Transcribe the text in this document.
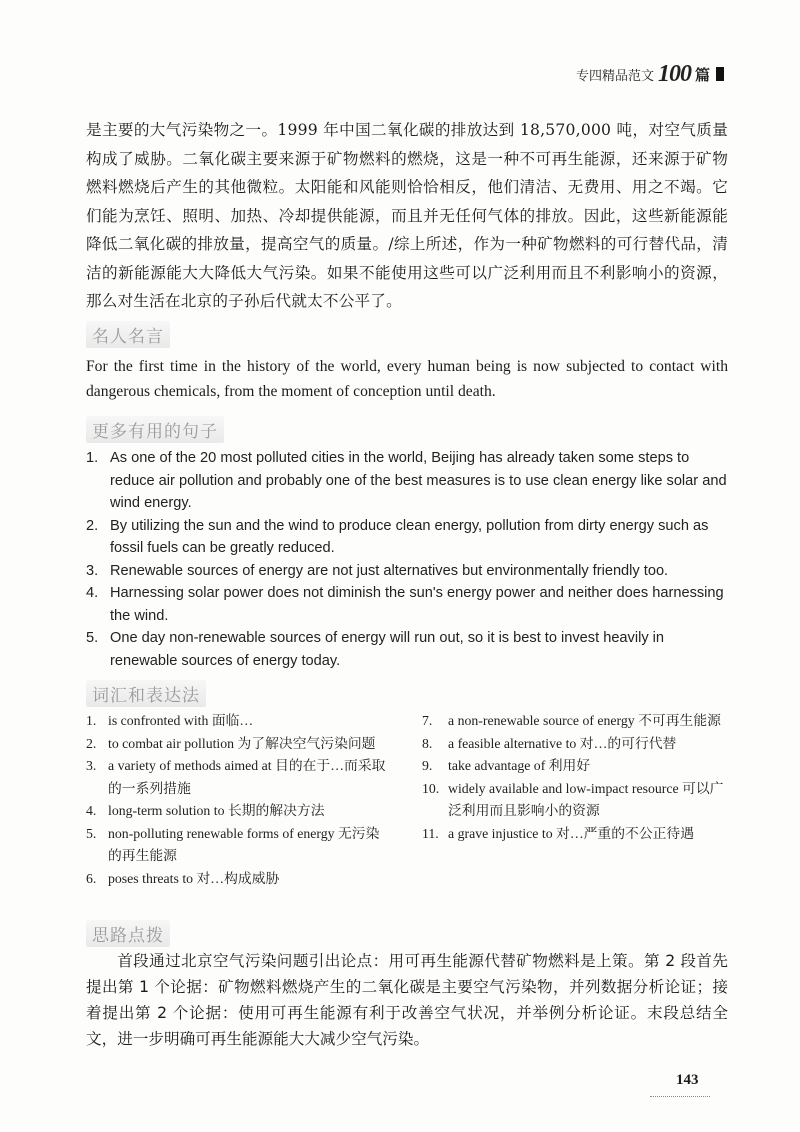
专四精品范文 100 篇

是主要的大气污染物之一。1999 年中国二氧化碳的排放达到 18,570,000 吨，对空气质量构成了威胁。二氧化碳主要来源于矿物燃料的燃烧，这是一种不可再生能源，还来源于矿物燃料燃烧后产生的其他微粒。太阳能和风能则恰恰相反，他们清洁、无费用、用之不竭。它们能为烹饪、照明、加热、冷却提供能源，而且并无任何气体的排放。因此，这些新能源能降低二氧化碳的排放量，提高空气的质量。/综上所述，作为一种矿物燃料的可行替代品，清洁的新能源能大大降低大气污染。如果不能使用这些可以广泛利用而且不利影响小的资源，那么对生活在北京的子孙后代就太不公平了。

名人名言

For the first time in the history of the world, every human being is now subjected to contact with dangerous chemicals, from the moment of conception until death.

更多有用的句子
1. As one of the 20 most polluted cities in the world, Beijing has already taken some steps to reduce air pollution and probably one of the best measures is to use clean energy like solar and wind energy.
2. By utilizing the sun and the wind to produce clean energy, pollution from dirty energy such as fossil fuels can be greatly reduced.
3. Renewable sources of energy are not just alternatives but environmentally friendly too.
4. Harnessing solar power does not diminish the sun's energy power and neither does harnessing the wind.
5. One day non-renewable sources of energy will run out, so it is best to invest heavily in renewable sources of energy today.
词汇和表达法
1. is confronted with 面临…
2. to combat air pollution 为了解决空气污染问题
3. a variety of methods aimed at 目的在于…而采取的一系列措施
4. long-term solution to 长期的解决方法
5. non-polluting renewable forms of energy 无污染的再生能源
6. poses threats to 对…构成威胁
7.	a non-renewable source of energy 不可再生能源
8.	a feasible alternative to 对…的可行代替
9.	take advantage of 利用好
10. widely available and low-impact resource 可以广泛利用而且影响小的资源
11. a grave injustice to 对…严重的不公正待遇
思路点拨

首段通过北京空气污染问题引出论点：用可再生能源代替矿物燃料是上策。第 2 段首先提出第 1 个论据：矿物燃料燃烧产生的二氧化碳是主要空气污染物，并列数据分析论证；接着提出第 2 个论据：使用可再生能源有利于改善空气状况，并举例分析论证。末段总结全文，进一步明确可再生能源能大大减少空气污染。

143
